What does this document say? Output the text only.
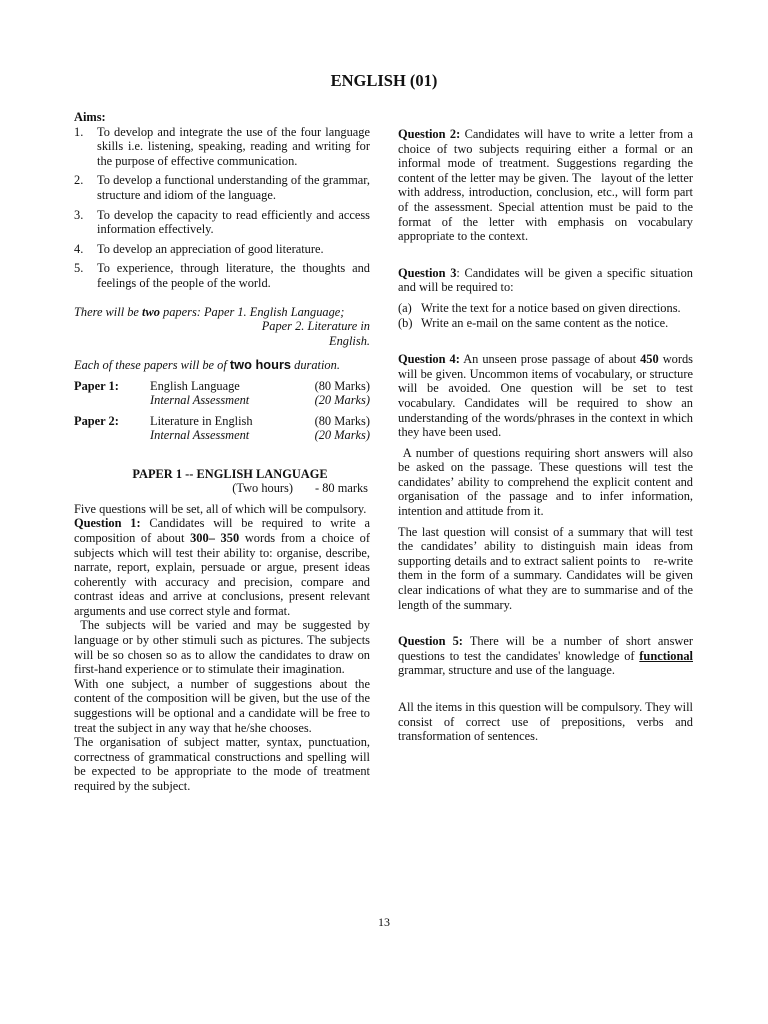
ENGLISH (01)

Aims:

1. To develop and integrate the use of the four language skills i.e. listening, speaking, reading and writing for the purpose of effective communication.
2. To develop a functional understanding of the grammar, structure and idiom of the language.
3. To develop the capacity to read efficiently and access information effectively.
4. To develop an appreciation of good literature.
5. To experience, through literature, the thoughts and feelings of the people of the world.

There will be two papers: Paper 1. English Language;
Paper 2. Literature in English.

Each of these papers will be of two hours duration.

Paper 1:	English Language	(80 Marks)
	Internal Assessment	(20 Marks)

Paper 2:	Literature in English	(80 Marks)
	Internal Assessment	(20 Marks)

PAPER 1 -- ENGLISH LANGUAGE

(Two hours) - 80 marks

Five questions will be set, all of which will be compulsory.

Question 1: Candidates will be required to write a composition of about 300– 350 words from a choice of subjects which will test their ability to: organise, describe, narrate, report, explain, persuade or argue, present ideas coherently with accuracy and precision, compare and contrast ideas and arrive at conclusions, present relevant arguments and use correct style and format.

The subjects will be varied and may be suggested by language or by other stimuli such as pictures. The subjects will be so chosen so as to allow the candidates to draw on first-hand experience or to stimulate their imagination.

With one subject, a number of suggestions about the content of the composition will be given, but the use of the suggestions will be optional and a candidate will be free to treat the subject in any way that he/she chooses.

The organisation of subject matter, syntax, punctuation, correctness of grammatical constructions and spelling will be expected to be appropriate to the mode of treatment required by the subject.

Question 2: Candidates will have to write a letter from a choice of two subjects requiring either a formal or an informal mode of treatment. Suggestions regarding the content of the letter may be given. The   layout of the letter with address, introduction, conclusion, etc., will form part of the assessment. Special attention must be paid to the format of the letter with emphasis on vocabulary appropriate to the context.

Question 3: Candidates will be given a specific situation and will be required to:

(a) Write the text for a notice based on given directions.
(b) Write an e-mail on the same content as the notice.

Question 4: An unseen prose passage of about 450 words will be given. Uncommon items of vocabulary, or structure will be avoided. One question will be set to test vocabulary. Candidates will be required to show an understanding of the words/phrases in the context in which they have been used.

A number of questions requiring short answers will also be asked on the passage. These questions will test the candidates’ ability to comprehend the explicit content and organisation of the passage and to infer information, intention and attitude from it.

The last question will consist of a summary that will test the candidates’ ability to distinguish main ideas from supporting details and to extract salient points to    re-write them in the form of a summary. Candidates will be given clear indications of what they are to summarise and of the length of the summary.

Question 5: There will be a number of short answer questions to test the candidates' knowledge of functional grammar, structure and use of the language.

All the items in this question will be compulsory. They will consist of correct use of prepositions, verbs and transformation of sentences.

13
